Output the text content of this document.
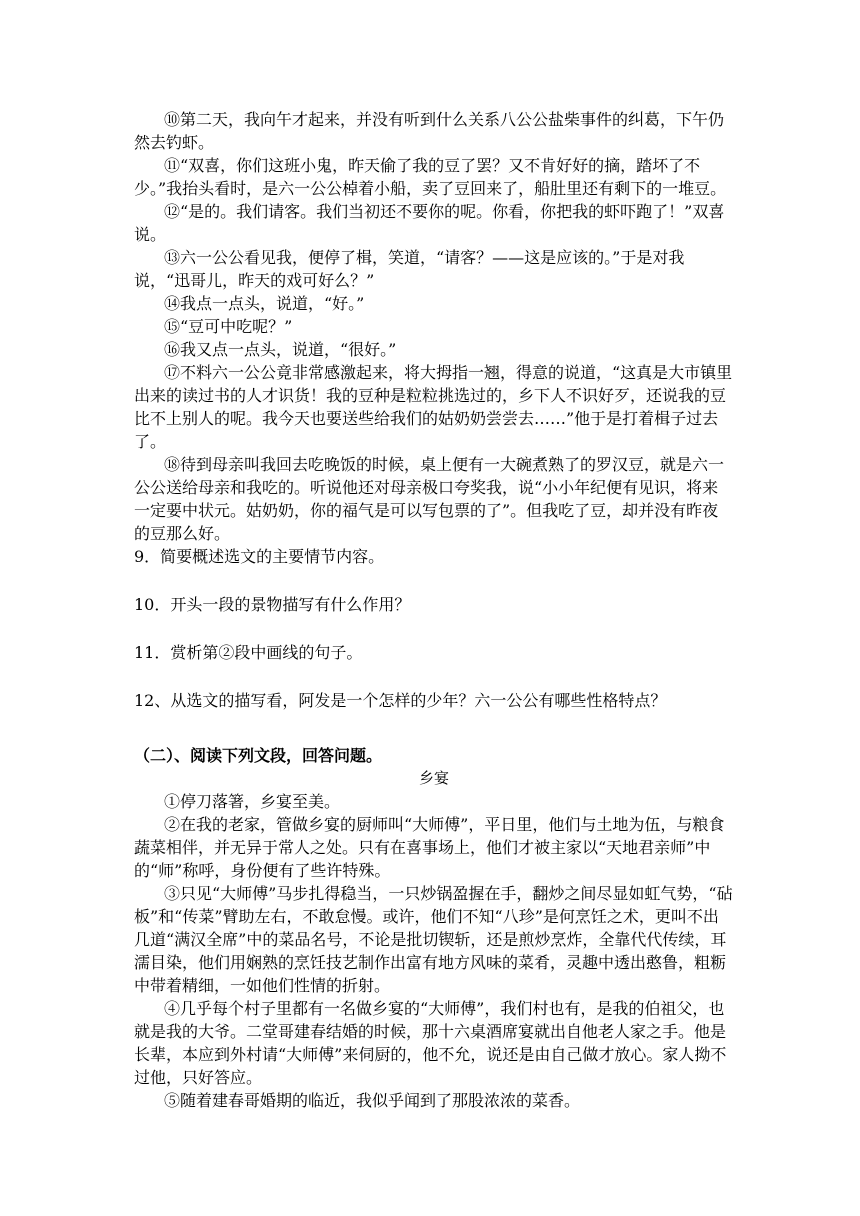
⑩第二天，我向午才起来，并没有听到什么关系八公公盐柴事件的纠葛，下午仍然去钓虾。

⑪“双喜，你们这班小鬼，昨天偷了我的豆了罢？又不肯好好的摘，踏坏了不少。”我抬头看时，是六一公公棹着小船，卖了豆回来了，船肚里还有剩下的一堆豆。

⑫“是的。我们请客。我们当初还不要你的呢。你看，你把我的虾吓跑了！”双喜说。

⑬六一公公看见我，便停了楫，笑道，“请客？——这是应该的。”于是对我说，“迅哥儿，昨天的戏可好么？”

⑭我点一点头，说道，“好。”

⑮“豆可中吃呢？”

⑯我又点一点头，说道，“很好。”

⑰不料六一公公竟非常感激起来，将大拇指一翘，得意的说道，“这真是大市镇里出来的读过书的人才识货！我的豆种是粒粒挑选过的，乡下人不识好歹，还说我的豆比不上别人的呢。我今天也要送些给我们的姑奶奶尝尝去……”他于是打着楫子过去了。

⑱待到母亲叫我回去吃晚饭的时候，桌上便有一大碗煮熟了的罗汉豆，就是六一公公送给母亲和我吃的。听说他还对母亲极口夸奖我，说“小小年纪便有见识，将来一定要中状元。姑奶奶，你的福气是可以写包票的了”。但我吃了豆，却并没有昨夜的豆那么好。

9．简要概述选文的主要情节内容。

10．开头一段的景物描写有什么作用？

11．赏析第②段中画线的句子。

12、从选文的描写看，阿发是一个怎样的少年？六一公公有哪些性格特点？

（二）、阅读下列文段，回答问题。

乡宴

①停刀落箸，乡宴至美。

②在我的老家，管做乡宴的厨师叫“大师傅”，平日里，他们与土地为伍，与粮食蔬菜相伴，并无异于常人之处。只有在喜事场上，他们才被主家以“天地君亲师”中的“师”称呼，身份便有了些许特殊。

③只见“大师傅”马步扎得稳当，一只炒锅盈握在手，翻炒之间尽显如虹气势，“砧板”和“传菜”臂助左右，不敢怠慢。或许，他们不知“八珍”是何烹饪之术，更叫不出几道“满汉全席”中的菜品名号，不论是批切锲斩，还是煎炒烹炸，全靠代代传续，耳濡目染，他们用娴熟的烹饪技艺制作出富有地方风味的菜肴，灵趣中透出憨鲁，粗粝中带着精细，一如他们性情的折射。

④几乎每个村子里都有一名做乡宴的“大师傅”，我们村也有，是我的伯祖父，也就是我的大爷。二堂哥建春结婚的时候，那十六桌酒席宴就出自他老人家之手。他是长辈，本应到外村请“大师傅”来伺厨的，他不允，说还是由自己做才放心。家人拗不过他，只好答应。

⑤随着建春哥婚期的临近，我似乎闻到了那股浓浓的菜香。
